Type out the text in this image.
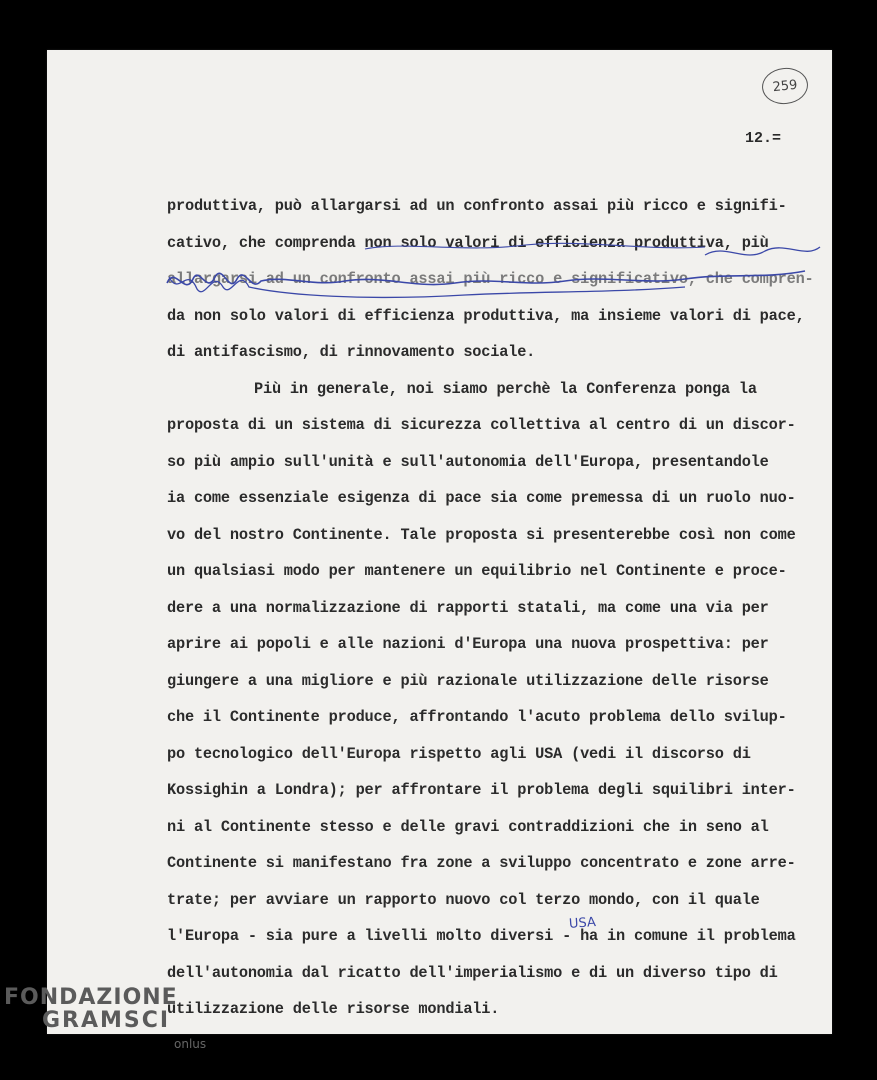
259
12.=
produttiva, può allargarsi ad un confronto assai più ricco e signifi-
cativo, che comprenda non solo valori di efficienza produttiva, più
allargarsi ad un confronto assai più ricco e significativo, che compren-
da non solo valori di efficienza produttiva, ma insieme valori di pace,
di antifascismo, di rinnovamento sociale.
Più in generale, noi siamo perchè la Conferenza ponga la
proposta di un sistema di sicurezza collettiva al centro di un discor-
so più ampio sull'unità e sull'autonomia dell'Europa, presentandole
ia come essenziale esigenza di pace sia come premessa di un ruolo nuo-
vo del nostro Continente. Tale proposta si presenterebbe così non come
un qualsiasi modo per mantenere un equilibrio nel Continente e proce-
dere a una normalizzazione di rapporti statali, ma come una via per
aprire ai popoli e alle nazioni d'Europa una nuova prospettiva: per
giungere a una migliore e più razionale utilizzazione delle risorse
che il Continente produce, affrontando l'acuto problema dello svilup-
po tecnologico dell'Europa rispetto agli USA (vedi il discorso di
Kossighin a Londra); per affrontare il problema degli squilibri inter-
ni al Continente stesso e delle gravi contraddizioni che in seno al
Continente si manifestano fra zone a sviluppo concentrato e zone arre-
trate; per avviare un rapporto nuovo col terzo mondo, con il quale
l'Europa - sia pure a livelli molto diversi - ha in comune il problema
dell'autonomia dal ricatto dell'imperialismo e di un diverso tipo di
utilizzazione delle risorse mondiali.
USA
FONDAZIONE
GRAMSCI
onlus
